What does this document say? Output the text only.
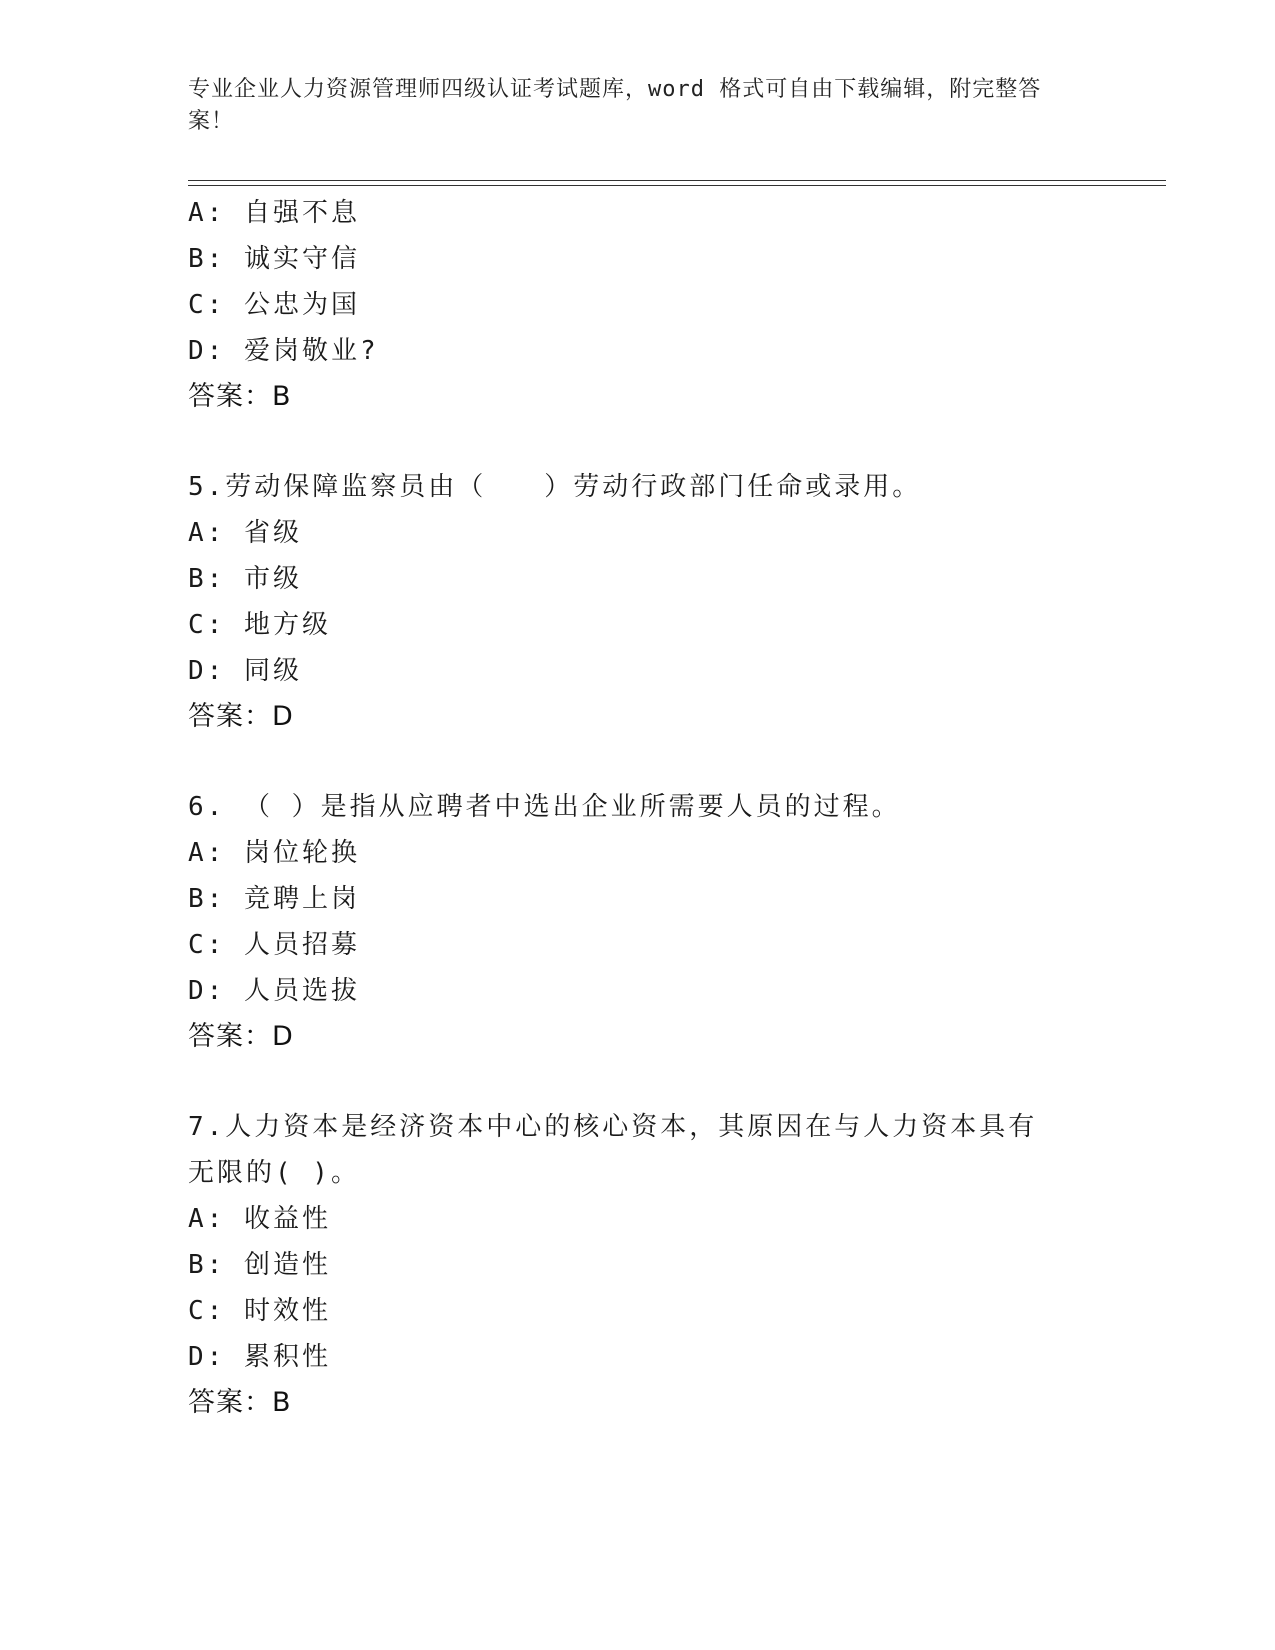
专业企业人力资源管理师四级认证考试题库，word 格式可自由下载编辑，附完整答案！
A: 自强不息
B: 诚实守信
C: 公忠为国
D: 爱岗敬业?
答案：B
5.劳动保障监察员由（　　）劳动行政部门任命或录用。
A: 省级
B: 市级
C: 地方级
D: 同级
答案：D
6. （ ）是指从应聘者中选出企业所需要人员的过程。
A: 岗位轮换
B: 竞聘上岗
C: 人员招募
D: 人员选拔
答案：D
7.人力资本是经济资本中心的核心资本，其原因在与人力资本具有无限的( )。
A: 收益性
B: 创造性
C: 时效性
D: 累积性
答案：B
